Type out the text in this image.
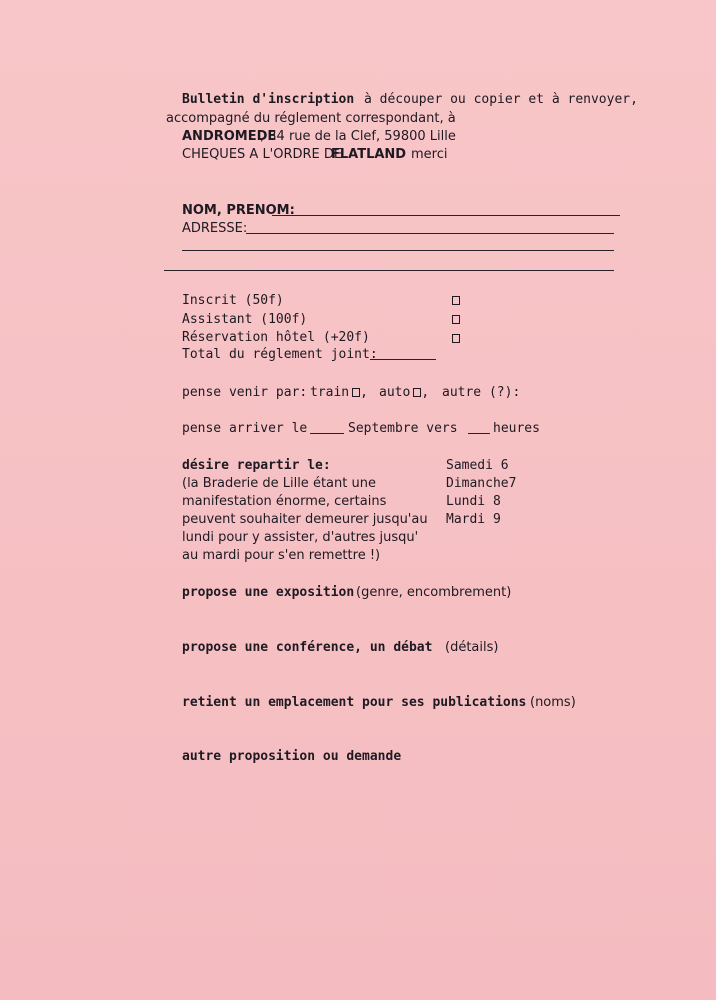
Bulletin d'inscription à découper ou copier et à renvoyer,
accompagné du réglement correspondant, à
ANDROMEDE
, 34 rue de la Clef, 59800 Lille
CHEQUES A L'ORDRE DE
FLATLAND merci
NOM, PRENOM:
ADRESSE:
Inscrit (50f)
Assistant (100f)
Réservation hôtel (+20f)
Total du réglement joint:
pense venir par: train , auto , autre (?):
pense arriver le	Septembre vers	heures
désire repartir le:
(la Braderie de Lille étant une
manifestation énorme, certains
peuvent souhaiter demeurer jusqu'au
lundi pour y assister, d'autres jusqu'
au mardi pour s'en remettre !)
Samedi 6
Dimanche7
Lundi 8
Mardi 9
propose une exposition (genre, encombrement)
propose une conférence, un débat (détails)
retient un emplacement pour ses publications (noms)
autre proposition ou demande
